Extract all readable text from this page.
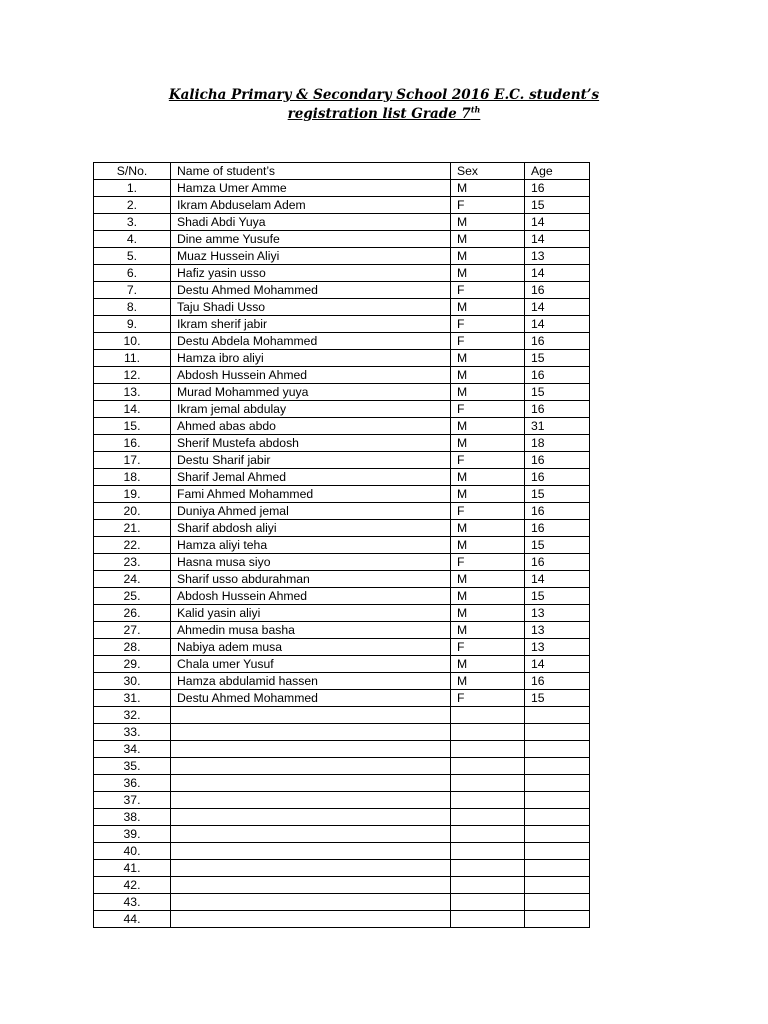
Kalicha Primary & Secondary School 2016 E.C. student’s
registration list Grade 7th
S/No.	Name of student’s	Sex	Age
1.	Hamza Umer Amme	M	16
2.	Ikram Abduselam Adem	F	15
3.	Shadi Abdi Yuya	M	14
4.	Dine amme Yusufe	M	14
5.	Muaz Hussein Aliyi	M	13
6.	Hafiz yasin usso	M	14
7.	Destu Ahmed Mohammed	F	16
8.	Taju Shadi Usso	M	14
9.	Ikram sherif jabir	F	14
10.	Destu Abdela Mohammed	F	16
11.	Hamza ibro aliyi	M	15
12.	Abdosh Hussein Ahmed	M	16
13.	Murad Mohammed yuya	M	15
14.	Ikram jemal abdulay	F	16
15.	Ahmed abas abdo	M	31
16.	Sherif Mustefa abdosh	M	18
17.	Destu Sharif jabir	F	16
18.	Sharif Jemal Ahmed	M	16
19.	Fami Ahmed Mohammed	M	15
20.	Duniya Ahmed jemal	F	16
21.	Sharif abdosh aliyi	M	16
22.	Hamza aliyi teha	M	15
23.	Hasna musa siyo	F	16
24.	Sharif usso abdurahman	M	14
25.	Abdosh Hussein Ahmed	M	15
26.	Kalid yasin aliyi	M	13
27.	Ahmedin musa basha	M	13
28.	Nabiya adem musa	F	13
29.	Chala umer Yusuf	M	14
30.	Hamza abdulamid hassen	M	16
31.	Destu Ahmed Mohammed	F	15
32.			
33.			
34.			
35.			
36.			
37.			
38.			
39.			
40.			
41.			
42.			
43.			
44.			
